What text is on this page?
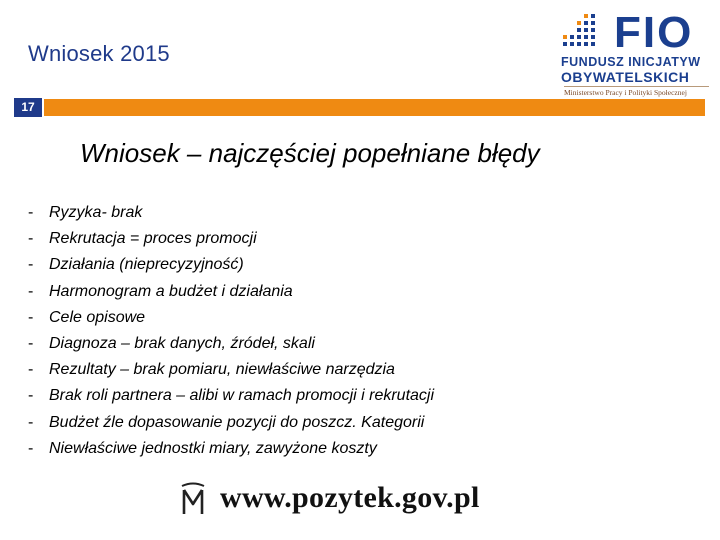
Wniosek 2015	FIO
FUNDUSZ INICJATYW
OBYWATELSKICH
Ministerstwo Pracy i Polityki Społecznej
17
Wniosek – najczęściej popełniane błędy
- Ryzyka- brak
- Rekrutacja = proces promocji
- Działania (nieprecyzyjność)
- Harmonogram a budżet i działania
- Cele opisowe
- Diagnoza – brak danych, źródeł, skali
- Rezultaty – brak pomiaru, niewłaściwe narzędzia
- Brak roli partnera – alibi w ramach promocji i rekrutacji
- Budżet źle dopasowanie pozycji do poszcz. Kategorii
- Niewłaściwe jednostki miary, zawyżone koszty
www.pozytek.gov.pl
